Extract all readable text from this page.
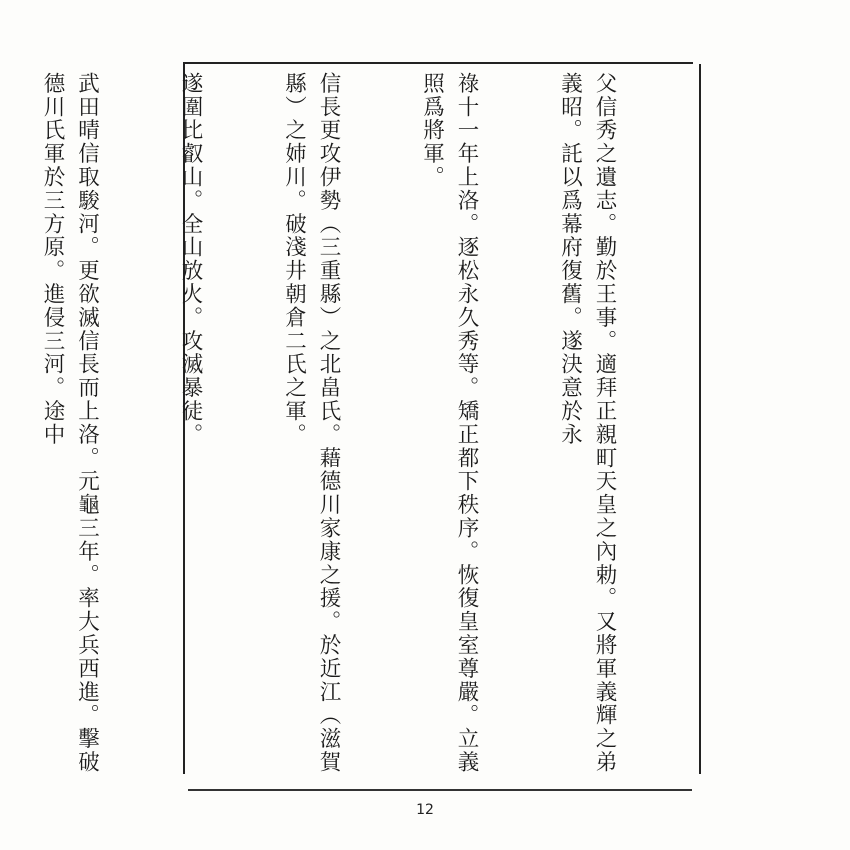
父信秀之遺志。勤於王事。適拜正親町天皇之內勅。又將軍義輝之弟義昭。託以爲幕府復舊。遂決意於永

祿十一年上洛。逐松永久秀等。矯正都下秩序。恢復皇室尊嚴。立義照爲將軍。

信長更攻伊勢（三重縣）之北畠氏。藉德川家康之援。於近江（滋賀縣）之姉川。破淺井朝倉二氏之軍。

遂圍比叡山。全山放火。攻滅暴徒。

武田晴信取駿河。更欲滅信長而上洛。元龜三年。率大兵西進。擊破德川氏軍於三方原。進侵三河。途中

12
